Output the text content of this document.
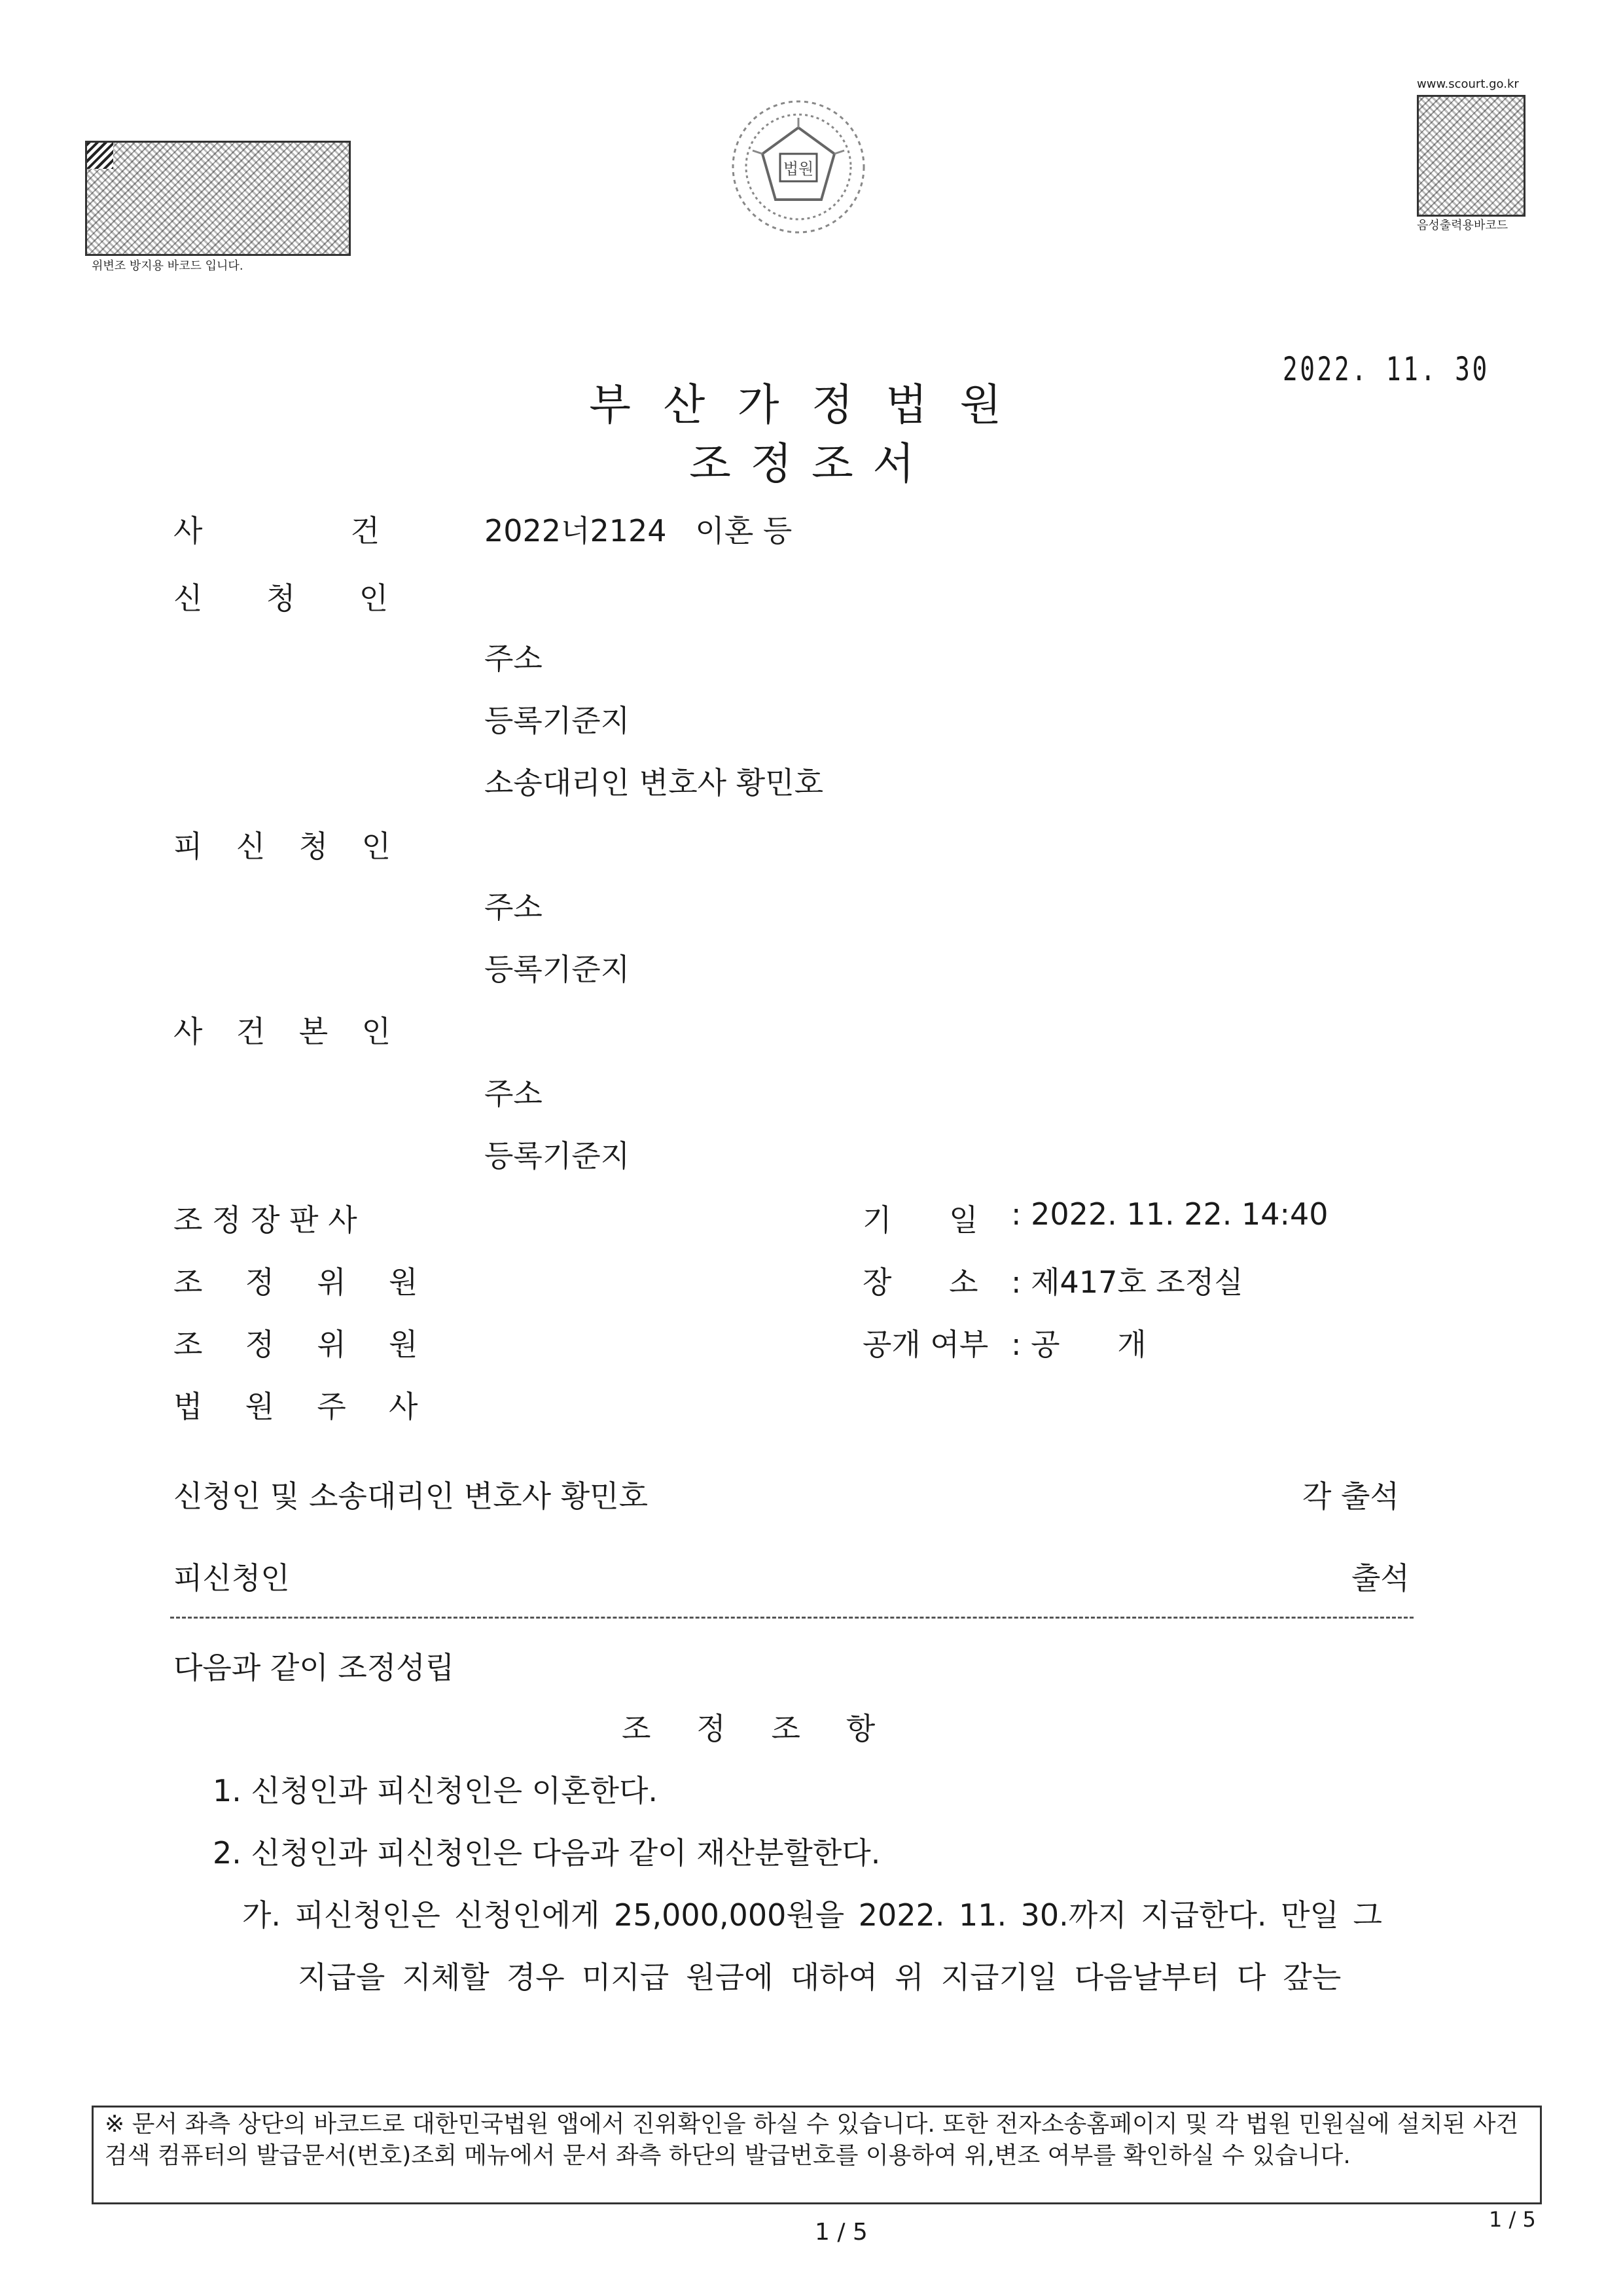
위변조 방지용 바코드 입니다.
법원
www.scourt.go.kr
음성출력용바코드
2022. 11. 30
부산가정법원
조정조서
사 건 2022너2124   이혼 등
신 청 인
주소
등록기준지
소송대리인 변호사 황민호
피 신 청 인
주소
등록기준지
사 건 본 인
주소
등록기준지
조 정 장 판 사
조 정 위 원
조 정 위 원
법 원 주 사
기      일 : 2022. 11. 22. 14:40
장      소 : 제417호 조정실
공개 여부 : 공      개
신청인 및 소송대리인 변호사 황민호	각 출석
피신청인	출석
다음과 같이 조정성립
조 정 조 항
1. 신청인과 피신청인은 이혼한다.
2. 신청인과 피신청인은 다음과 같이 재산분할한다.
가. 피신청인은 신청인에게 25,000,000원을 2022. 11. 30.까지 지급한다. 만일 그
지급을 지체할 경우 미지급 원금에 대하여 위 지급기일 다음날부터 다 갚는
※ 문서 좌측 상단의 바코드로 대한민국법원 앱에서 진위확인을 하실 수 있습니다. 또한 전자소송홈페이지 및 각 법원 민원실에 설치된 사건검색 컴퓨터의 발급문서(번호)조회 메뉴에서 문서 좌측 하단의 발급번호를 이용하여 위,변조 여부를 확인하실 수 있습니다.
1 / 5	1 / 5
